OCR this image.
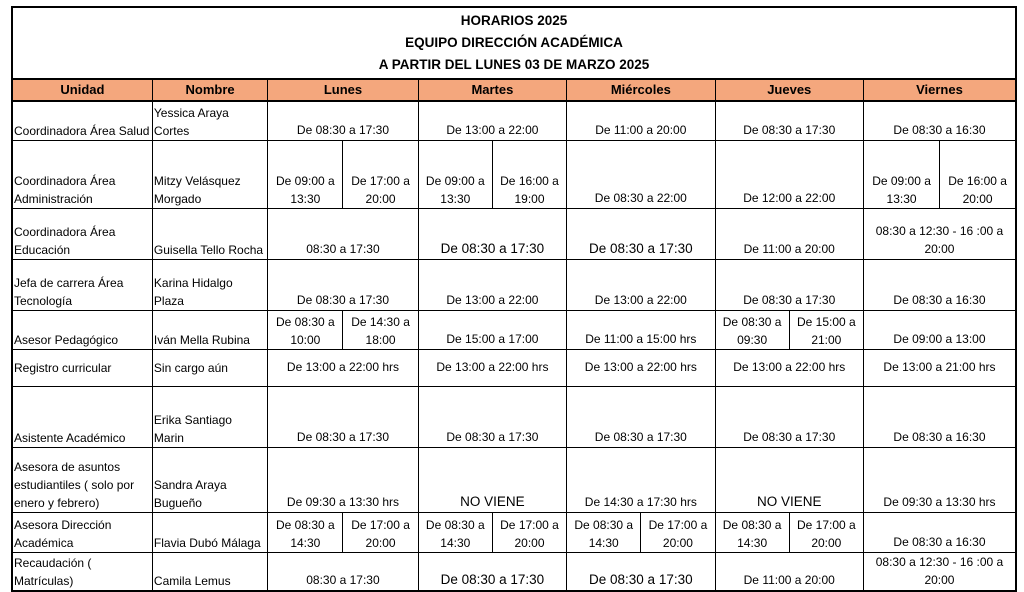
HORARIOS 2025
EQUIPO DIRECCIÓN ACADÉMICA
A PARTIR DEL LUNES 03 DE MARZO 2025
Unidad	Nombre	Lunes		Martes		Miércoles		Jueves		Viernes	
Coordinadora Área Salud	Yessica Araya Cortes	De 08:30 a 17:30		De 13:00 a 22:00		De 11:00 a 20:00		De 08:30 a 17:30		De 08:30 a 16:30	
Coordinadora Área Administración	Mitzy Velásquez Morgado	De 09:00 a 13:30	De 17:00 a 20:00	De 09:00 a 13:30	De 16:00 a 19:00	De 08:30 a 22:00		De 12:00 a 22:00		De 09:00 a 13:30	De 16:00 a 20:00
Coordinadora Área Educación	Guisella Tello Rocha	08:30 a 17:30		De 08:30 a 17:30		De 08:30 a 17:30		De 11:00 a 20:00		08:30 a 12:30 - 16 :00 a 20:00	
Jefa de carrera Área Tecnología	Karina Hidalgo Plaza	De 08:30 a 17:30		De 13:00 a 22:00		De 13:00 a 22:00		De 08:30 a 17:30		De 08:30 a 16:30	
Asesor Pedagógico	Iván Mella Rubina	De 08:30 a 10:00	De 14:30 a 18:00	De 15:00 a 17:00		De 11:00 a 15:00 hrs		De 08:30 a 09:30	De 15:00 a 21:00	De 09:00 a 13:00	
Registro curricular	Sin cargo aún	De 13:00 a 22:00 hrs		De 13:00 a 22:00 hrs		De 13:00 a 22:00 hrs		De 13:00 a 22:00 hrs		De 13:00 a 21:00 hrs	
Asistente Académico	Erika Santiago Marin	De 08:30 a 17:30		De 08:30 a 17:30		De 08:30 a 17:30		De 08:30 a 17:30		De 08:30 a 16:30	
Asesora de asuntos estudiantiles ( solo por enero y febrero)	Sandra Araya Bugueño	De 09:30 a 13:30 hrs		NO VIENE		De 14:30 a 17:30 hrs		NO VIENE		De 09:30 a 13:30 hrs	
Asesora Dirección Académica	Flavia Dubó Málaga	De 08:30 a 14:30	De 17:00 a 20:00	De 08:30 a 14:30	De 17:00 a 20:00	De 08:30 a 14:30	De 17:00 a 20:00	De 08:30 a 14:30	De 17:00 a 20:00	De 08:30 a 16:30	
Recaudación ( Matrículas)	Camila Lemus	08:30 a 17:30		De 08:30 a 17:30		De 08:30 a 17:30		De 11:00 a 20:00		08:30 a 12:30 - 16 :00 a 20:00	
